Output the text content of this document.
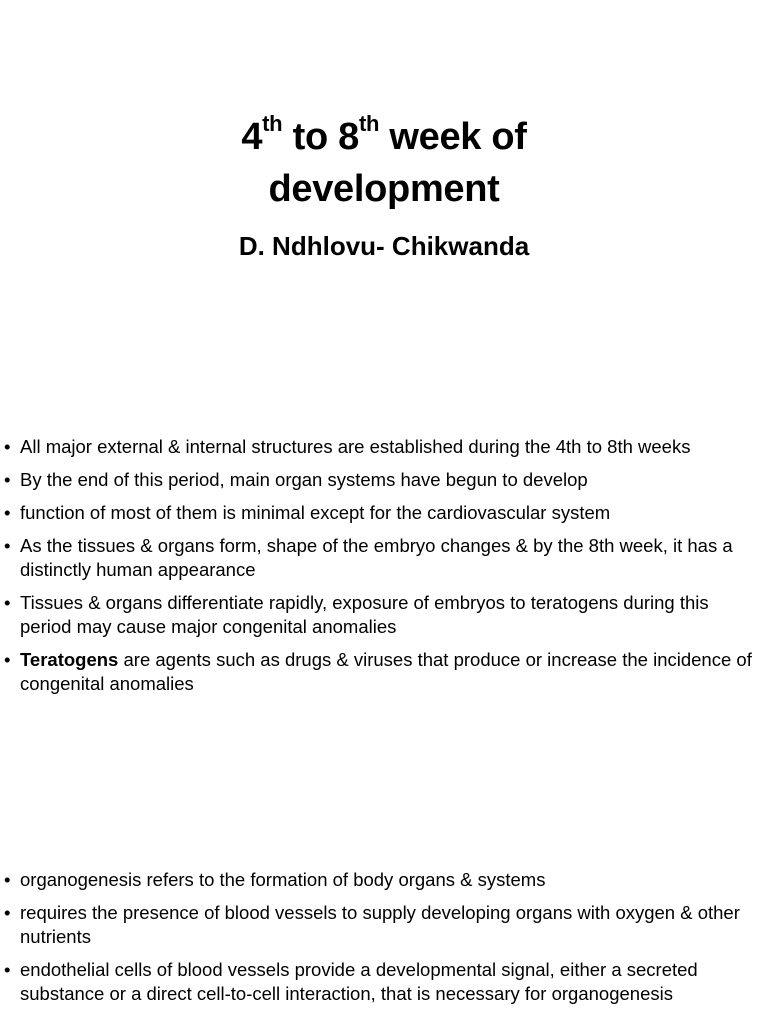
4th to 8th week of
development
D. Ndhlovu- Chikwanda
• All major external & internal structures are established during the 4th to 8th weeks
• By the end of this period, main organ systems have begun to develop
• function of most of them is minimal except for the cardiovascular system
• As the tissues & organs form, shape of the embryo changes & by the 8th week, it has a distinctly human appearance
• Tissues & organs differentiate rapidly, exposure of embryos to teratogens during this period may cause major congenital anomalies
• Teratogens are agents such as drugs & viruses that produce or increase the incidence of congenital anomalies
• organogenesis refers to the formation of body organs & systems
• requires the presence of blood vessels to supply developing organs with oxygen & other nutrients
• endothelial cells of blood vessels provide a developmental signal, either a secreted substance or a direct cell-to-cell interaction, that is necessary for organogenesis
